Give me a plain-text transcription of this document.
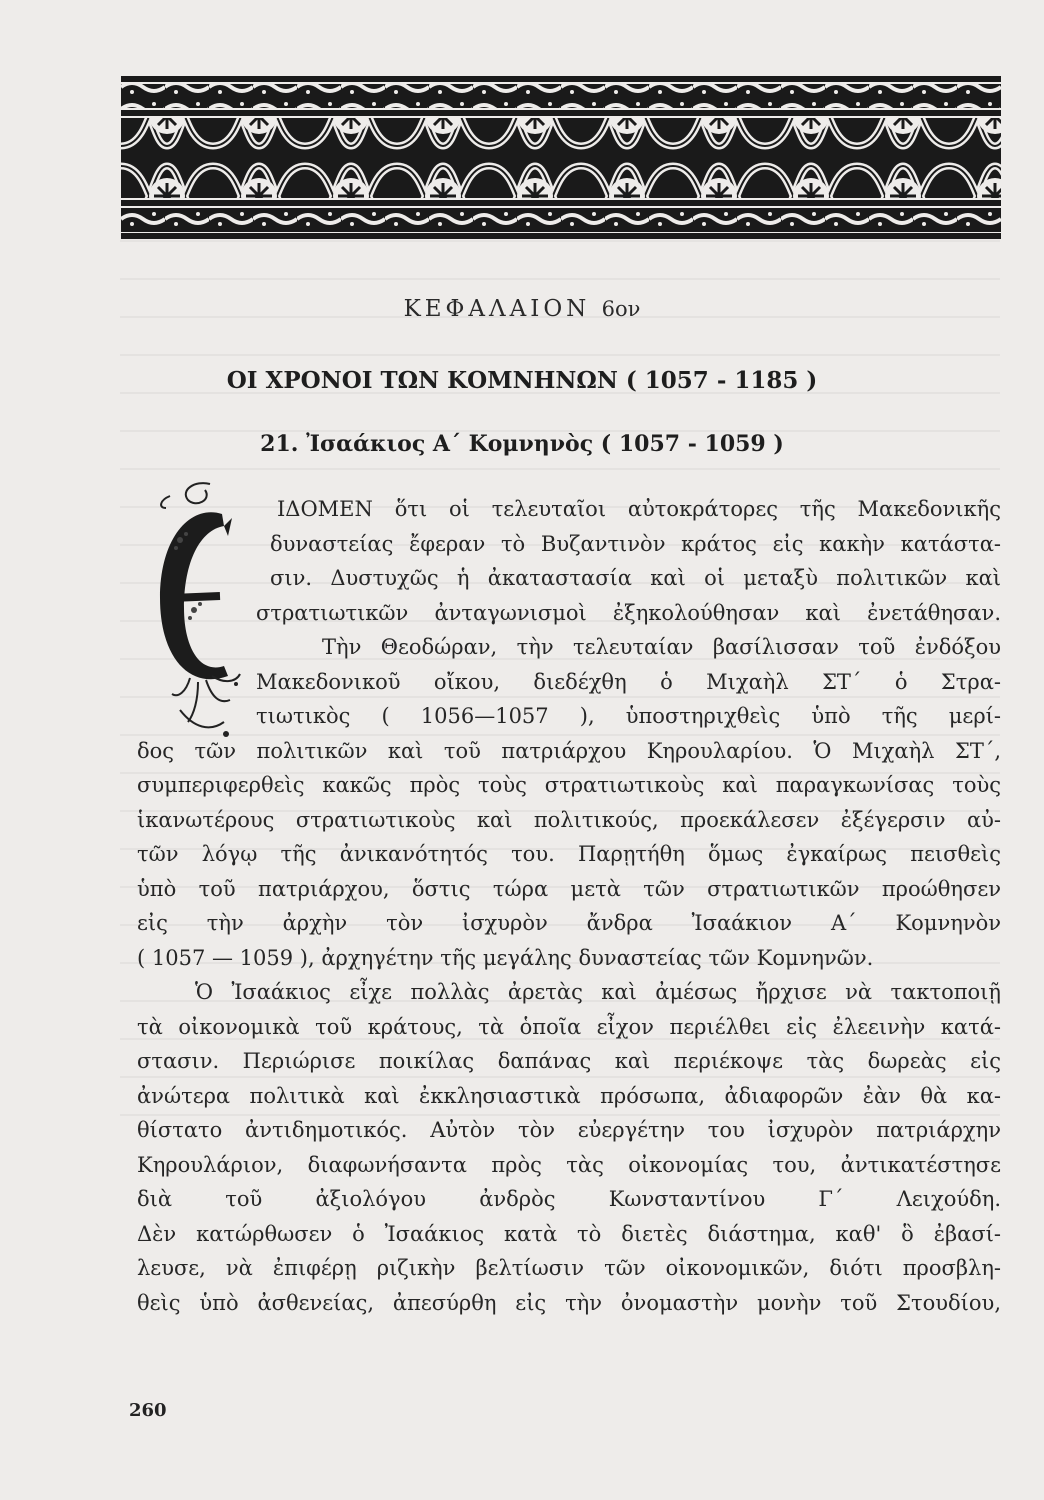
ΚΕΦΑΛΑΙΟΝ 6ον
ΟΙ ΧΡΟΝΟΙ ΤΩΝ ΚΟΜΝΗΝΩΝ ( 1057 - 1185 )
21. Ἰσαάκιος Α΄ Κομνηνὸς ( 1057 - 1059 )
ΙΔΟΜΕΝ ὅτι οἱ τελευταῖοι αὐτοκράτορες τῆς Μακεδονικῆς
δυναστείας ἔφεραν τὸ Βυζαντινὸν κράτος εἰς κακὴν κατάστα-
σιν. Δυστυχῶς ἡ ἀκαταστασία καὶ οἱ μεταξὺ πολιτικῶν καὶ
στρατιωτικῶν ἀνταγωνισμοὶ ἐξηκολούθησαν καὶ ἐνετάθησαν.
Τὴν Θεοδώραν, τὴν τελευταίαν βασίλισσαν τοῦ ἐνδόξου
Μακεδονικοῦ οἴκου, διεδέχθη ὁ Μιχαὴλ ΣΤ΄ ὁ Στρα-
τιωτικὸς ( 1056—1057 ), ὑποστηριχθεὶς ὑπὸ τῆς μερί-
δος τῶν πολιτικῶν καὶ τοῦ πατριάρχου Κηρουλαρίου. Ὁ Μιχαὴλ ΣΤ΄,
συμπεριφερθεὶς κακῶς πρὸς τοὺς στρατιωτικοὺς καὶ παραγκωνίσας τοὺς
ἱκανωτέρους στρατιωτικοὺς καὶ πολιτικούς, προεκάλεσεν ἐξέγερσιν αὐ-
τῶν λόγῳ τῆς ἀνικανότητός του. Παρῃτήθη ὅμως ἐγκαίρως πεισθεὶς
ὑπὸ τοῦ πατριάρχου, ὅστις τώρα μετὰ τῶν στρατιωτικῶν προώθησεν
εἰς τὴν ἀρχὴν τὸν ἰσχυρὸν ἄνδρα Ἰσαάκιον Α΄ Κομνηνὸν
( 1057 — 1059 ), ἀρχηγέτην τῆς μεγάλης δυναστείας τῶν Κομνηνῶν.
Ὁ Ἰσαάκιος εἶχε πολλὰς ἀρετὰς καὶ ἀμέσως ἤρχισε νὰ τακτοποιῇ
τὰ οἰκονομικὰ τοῦ κράτους, τὰ ὁποῖα εἶχον περιέλθει εἰς ἐλεεινὴν κατά-
στασιν. Περιώρισε ποικίλας δαπάνας καὶ περιέκοψε τὰς δωρεὰς εἰς
ἀνώτερα πολιτικὰ καὶ ἐκκλησιαστικὰ πρόσωπα, ἀδιαφορῶν ἐὰν θὰ κα-
θίστατο ἀντιδημοτικός. Αὐτὸν τὸν εὐεργέτην του ἰσχυρὸν πατριάρχην
Κηρουλάριον, διαφωνήσαντα πρὸς τὰς οἰκονομίας του, ἀντικατέστησε
διὰ τοῦ ἀξιολόγου ἀνδρὸς Κωνσταντίνου Γ΄ Λειχούδη.
Δὲν κατώρθωσεν ὁ Ἰσαάκιος κατὰ τὸ διετὲς διάστημα, καθ' ὃ ἐβασί-
λευσε, νὰ ἐπιφέρῃ ριζικὴν βελτίωσιν τῶν οἰκονομικῶν, διότι προσβλη-
θεὶς ὑπὸ ἀσθενείας, ἀπεσύρθη εἰς τὴν ὀνομαστὴν μονὴν τοῦ Στουδίου,
260
